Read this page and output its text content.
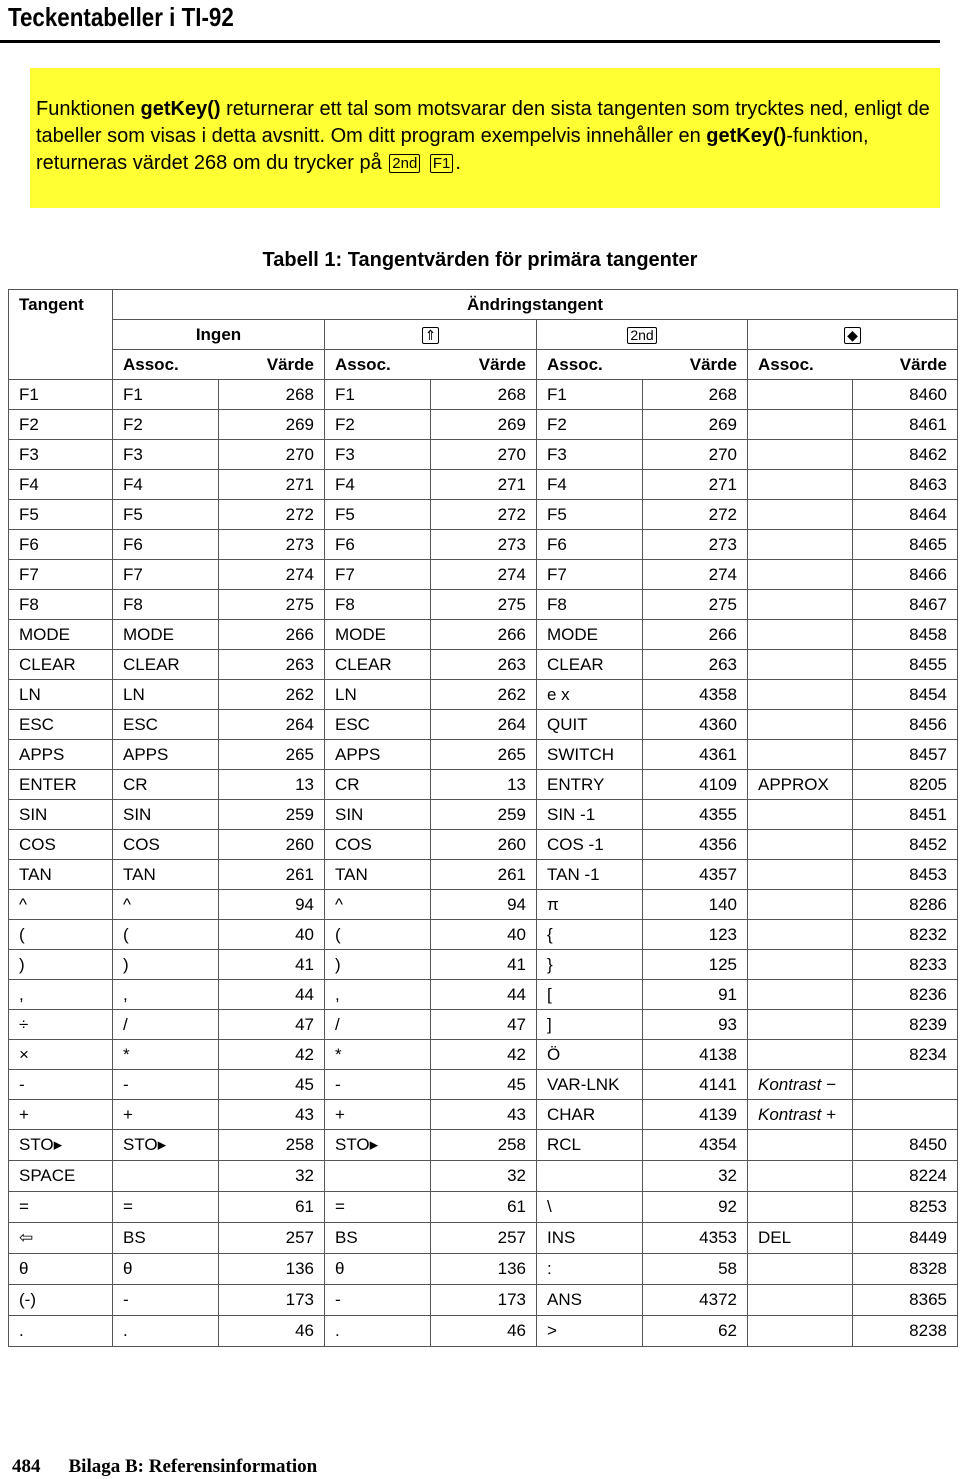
Teckentabeller i TI-92
Funktionen getKey() returnerar ett tal som motsvarar den sista tangenten som trycktes ned, enligt de tabeller som visas i detta avsnitt. Om ditt program exempelvis innehåller en getKey()-funktion, returneras värdet 268 om du trycker på 2nd F1 .
Tabell 1: Tangentvärden för primära tangenter
Tangent	Ändringstangent							
	Ingen		⇑		2nd		◆	
	Assoc.	Värde	Assoc.	Värde	Assoc.	Värde	Assoc.	Värde
F1	F1	268	F1	268	F1	268		8460
F2	F2	269	F2	269	F2	269		8461
F3	F3	270	F3	270	F3	270		8462
F4	F4	271	F4	271	F4	271		8463
F5	F5	272	F5	272	F5	272		8464
F6	F6	273	F6	273	F6	273		8465
F7	F7	274	F7	274	F7	274		8466
F8	F8	275	F8	275	F8	275		8467
MODE	MODE	266	MODE	266	MODE	266		8458
CLEAR	CLEAR	263	CLEAR	263	CLEAR	263		8455
LN	LN	262	LN	262	e x	4358		8454
ESC	ESC	264	ESC	264	QUIT	4360		8456
APPS	APPS	265	APPS	265	SWITCH	4361		8457
ENTER	CR	13	CR	13	ENTRY	4109	APPROX	8205
SIN	SIN	259	SIN	259	SIN -1	4355		8451
COS	COS	260	COS	260	COS -1	4356		8452
TAN	TAN	261	TAN	261	TAN -1	4357		8453
^	^	94	^	94	π	140		8286
(	(	40	(	40	{	123		8232
)	)	41	)	41	}	125		8233
,	,	44	,	44	[	91		8236
÷	/	47	/	47	]	93		8239
×	*	42	*	42	Ö	4138		8234
-	-	45	-	45	VAR-LNK	4141	Kontrast −	
+	+	43	+	43	CHAR	4139	Kontrast +	
STO▸	STO▸	258	STO▸	258	RCL	4354		8450
SPACE		32		32		32		8224
=	=	61	=	61	\	92		8253
⇦	BS	257	BS	257	INS	4353	DEL	8449
θ	θ	136	θ	136	:	58		8328
(-)	-	173	-	173	ANS	4372		8365
.	.	46	.	46	>	62		8238
484 Bilaga B: Referensinformation
